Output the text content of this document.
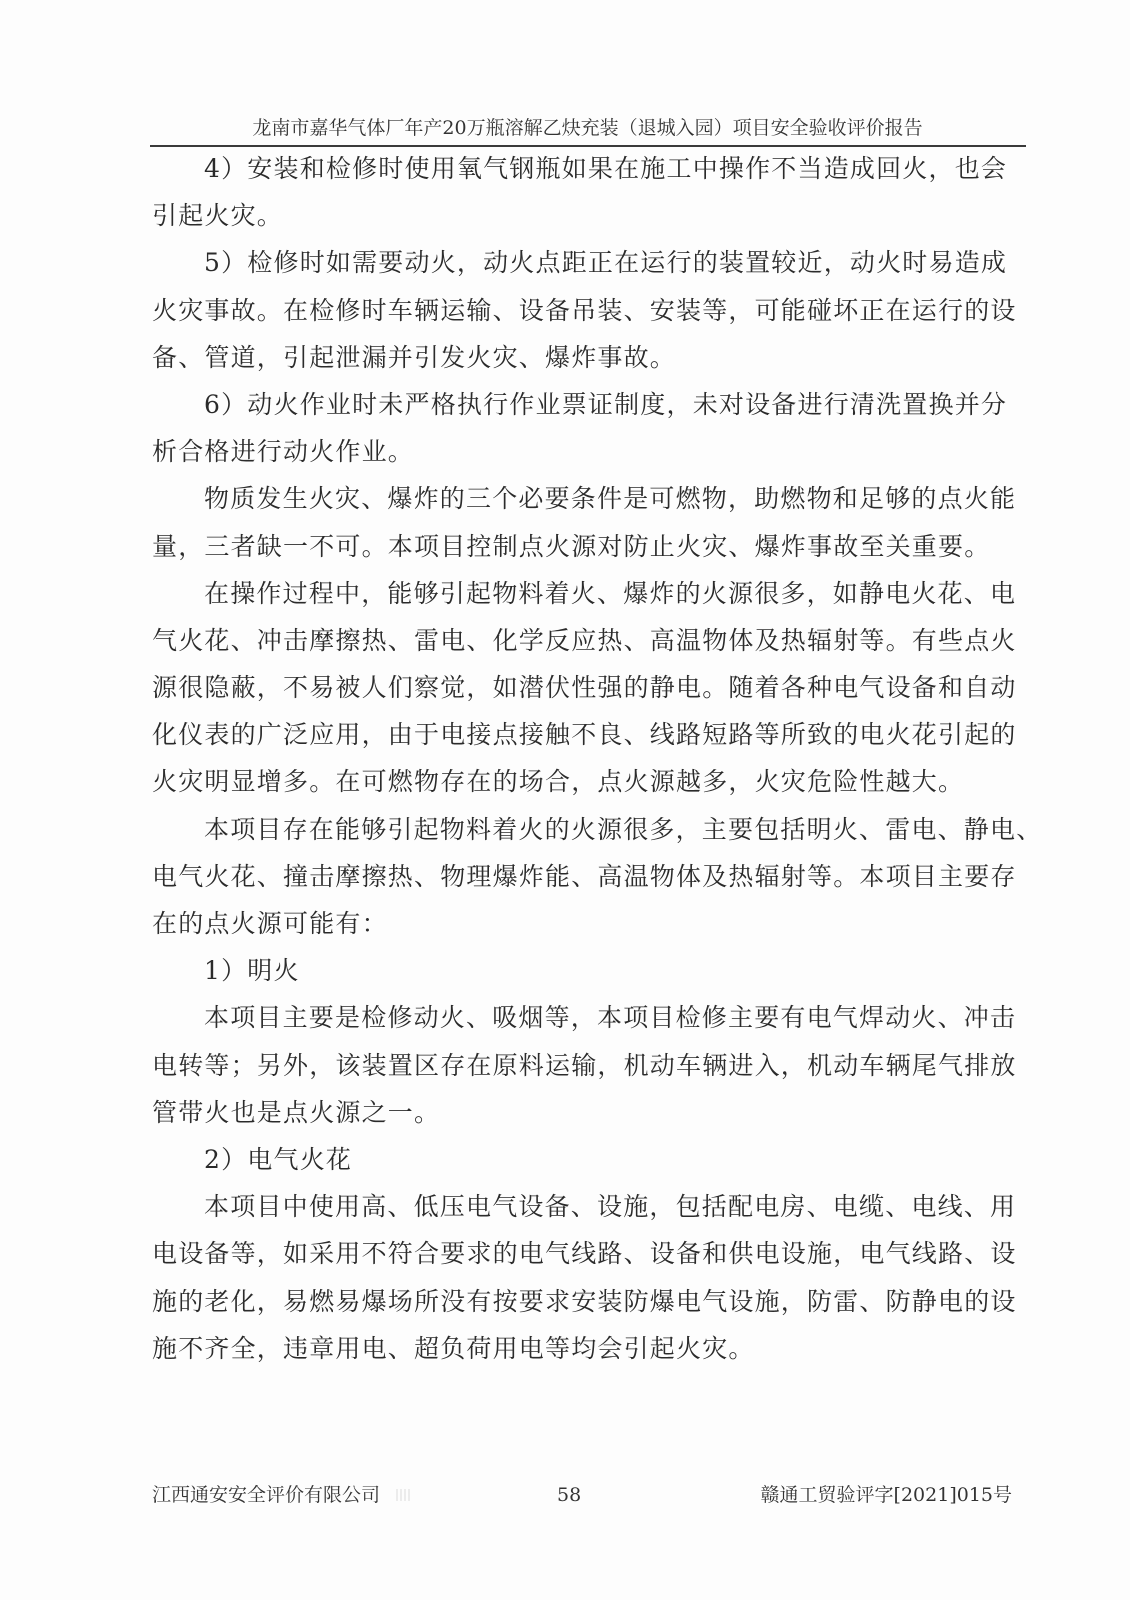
龙南市嘉华气体厂年产20万瓶溶解乙炔充装（退城入园）项目安全验收评价报告
4）安装和检修时使用氧气钢瓶如果在施工中操作不当造成回火，也会
引起火灾。
5）检修时如需要动火，动火点距正在运行的装置较近，动火时易造成
火灾事故。在检修时车辆运输、设备吊装、安装等，可能碰坏正在运行的设
备、管道，引起泄漏并引发火灾、爆炸事故。
6）动火作业时未严格执行作业票证制度，未对设备进行清洗置换并分
析合格进行动火作业。
物质发生火灾、爆炸的三个必要条件是可燃物，助燃物和足够的点火能
量，三者缺一不可。本项目控制点火源对防止火灾、爆炸事故至关重要。
在操作过程中，能够引起物料着火、爆炸的火源很多，如静电火花、电
气火花、冲击摩擦热、雷电、化学反应热、高温物体及热辐射等。有些点火
源很隐蔽，不易被人们察觉，如潜伏性强的静电。随着各种电气设备和自动
化仪表的广泛应用，由于电接点接触不良、线路短路等所致的电火花引起的
火灾明显增多。在可燃物存在的场合，点火源越多，火灾危险性越大。
本项目存在能够引起物料着火的火源很多，主要包括明火、雷电、静电、
电气火花、撞击摩擦热、物理爆炸能、高温物体及热辐射等。本项目主要存
在的点火源可能有：
1）明火
本项目主要是检修动火、吸烟等，本项目检修主要有电气焊动火、冲击
电转等；另外，该装置区存在原料运输，机动车辆进入，机动车辆尾气排放
管带火也是点火源之一。
2）电气火花
本项目中使用高、低压电气设备、设施，包括配电房、电缆、电线、用
电设备等，如采用不符合要求的电气线路、设备和供电设施，电气线路、设
施的老化，易燃易爆场所没有按要求安装防爆电气设施，防雷、防静电的设
施不齐全，违章用电、超负荷用电等均会引起火灾。
江西通安安全评价有限公司	58	赣通工贸验评字[2021]015号
